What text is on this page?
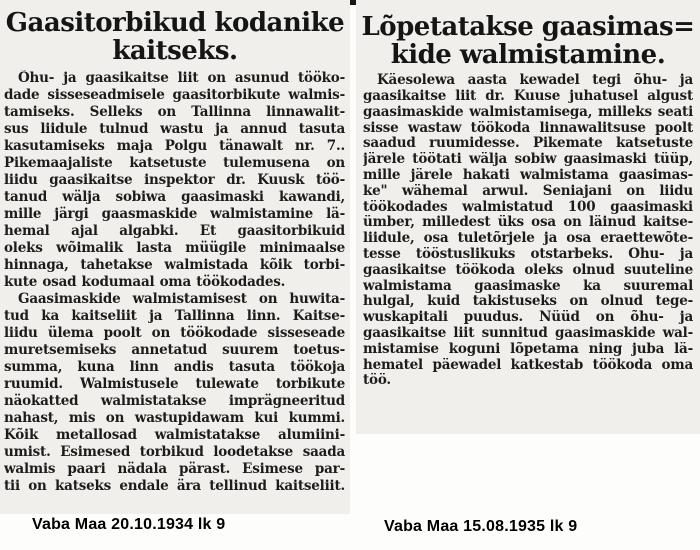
Gaasitorbikud kodanike
kaitseks.
Õhu- ja gaasikaitse liit on asunud tööko-
dade sisseseadmisele gaasitorbikute walmis-
tamiseks. Selleks on Tallinna linnawalit-
sus liidule tulnud wastu ja annud tasuta
kasutamiseks maja Polgu tänawalt nr. 7..
Pikemaajaliste katsetuste tulemusena on
liidu gaasikaitse inspektor dr. Kuusk töö-
tanud wälja sobiwa gaasimaski kawandi,
mille järgi gaasmaskide walmistamine lä-
hemal ajal algabki. Et gaasitorbikuid
oleks wõimalik lasta müügile minimaalse
hinnaga, tahetakse walmistada kõik torbi-
kute osad kodumaal oma töökodades.
Gaasimaskide walmistamisest on huwita-
tud ka kaitseliit ja Tallinna linn. Kaitse-
liidu ülema poolt on töökodade sisseseade
muretsemiseks annetatud suurem toetus-
summa, kuna linn andis tasuta töökoja
ruumid. Walmistusele tulewate torbikute
näokatted walmistatakse imprägneeritud
nahast, mis on wastupidawam kui kummi.
Kõik metallosad walmistatakse alumiini-
umist. Esimesed torbikud loodetakse saada
walmis paari nädala pärast. Esimese par-
tii on katseks endale ära tellinud kaitseliit.
Lõpetatakse gaasimas=
kide walmistamine.
Käesolewa aasta kewadel tegi õhu- ja
gaasikaitse liit dr. Kuuse juhatusel algust
gaasimaskide walmistamisega, milleks seati
sisse wastaw töökoda linnawalitsuse poolt
saadud ruumidesse. Pikemate katsetuste
järele töötati wälja sobiw gaasimaski tüüp,
mille järele hakati walmistama gaasimas-
ke" wähemal arwul. Seniajani on liidu
töökodades walmistatud 100 gaasimaski
ümber, milledest üks osa on läinud kaitse-
liidule, osa tuletõrjele ja osa eraettewõte-
tesse tööstuslikuks otstarbeks. Õhu- ja
gaasikaitse töökoda oleks olnud suuteline
walmistama gaasimaske ka suuremal
hulgal, kuid takistuseks on olnud tege-
wuskapitali puudus. Nüüd on õhu- ja
gaasikaitse liit sunnitud gaasimaskide wal-
mistamise koguni lõpetama ning juba lä-
hematel päewadel katkestab töökoda oma
töö.
Vaba Maa 20.10.1934 lk 9	Vaba Maa 15.08.1935 lk 9
